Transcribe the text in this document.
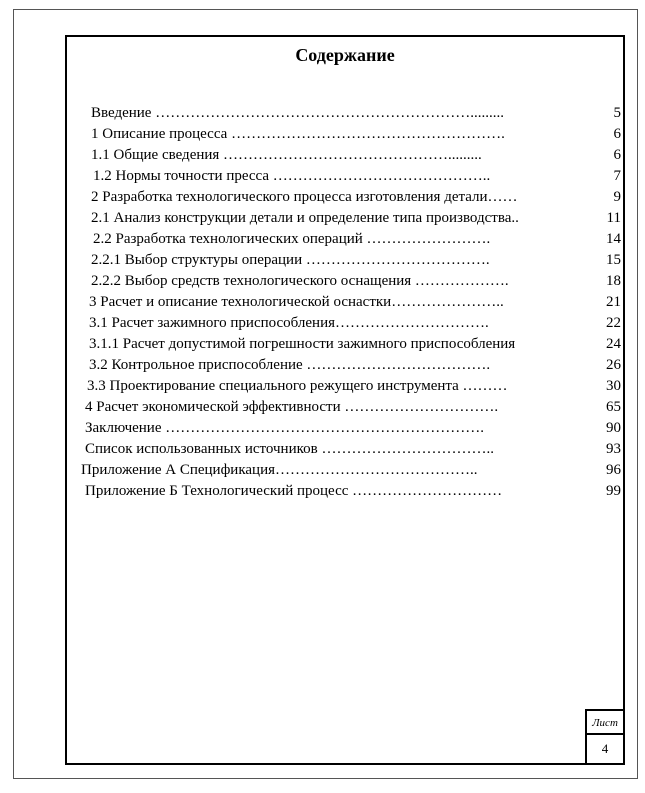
Содержание
Введение ……………………………………………………….........	5
1 Описание процесса ……………………………………………….	6
1.1 Общие сведения ……………………………………….........	6
1.2 Нормы точности пресса ……………………………………..	7
2 Разработка технологического процесса изготовления детали……	9
2.1 Анализ конструкции детали и определение типа производства..	11
2.2 Разработка технологических операций …………………….	14
2.2.1 Выбор структуры операции ……………………………….	15
2.2.2 Выбор средств технологического оснащения ……………….	18
3 Расчет и описание технологической оснастки…………………..	21
3.1 Расчет зажимного приспособления………………………….	22
3.1.1 Расчет допустимой погрешности зажимного приспособления	24
3.2 Контрольное приспособление ……………………………….	26
3.3 Проектирование специального режущего инструмента ………	30
4 Расчет экономической эффективности ………………………….	65
Заключение ……………………………………………………….	90
Список использованных источников ……………………………..	93
Приложение А Спецификация…………………………………..	96
Приложение Б Технологический процесс …………………………	99
Лист
4
